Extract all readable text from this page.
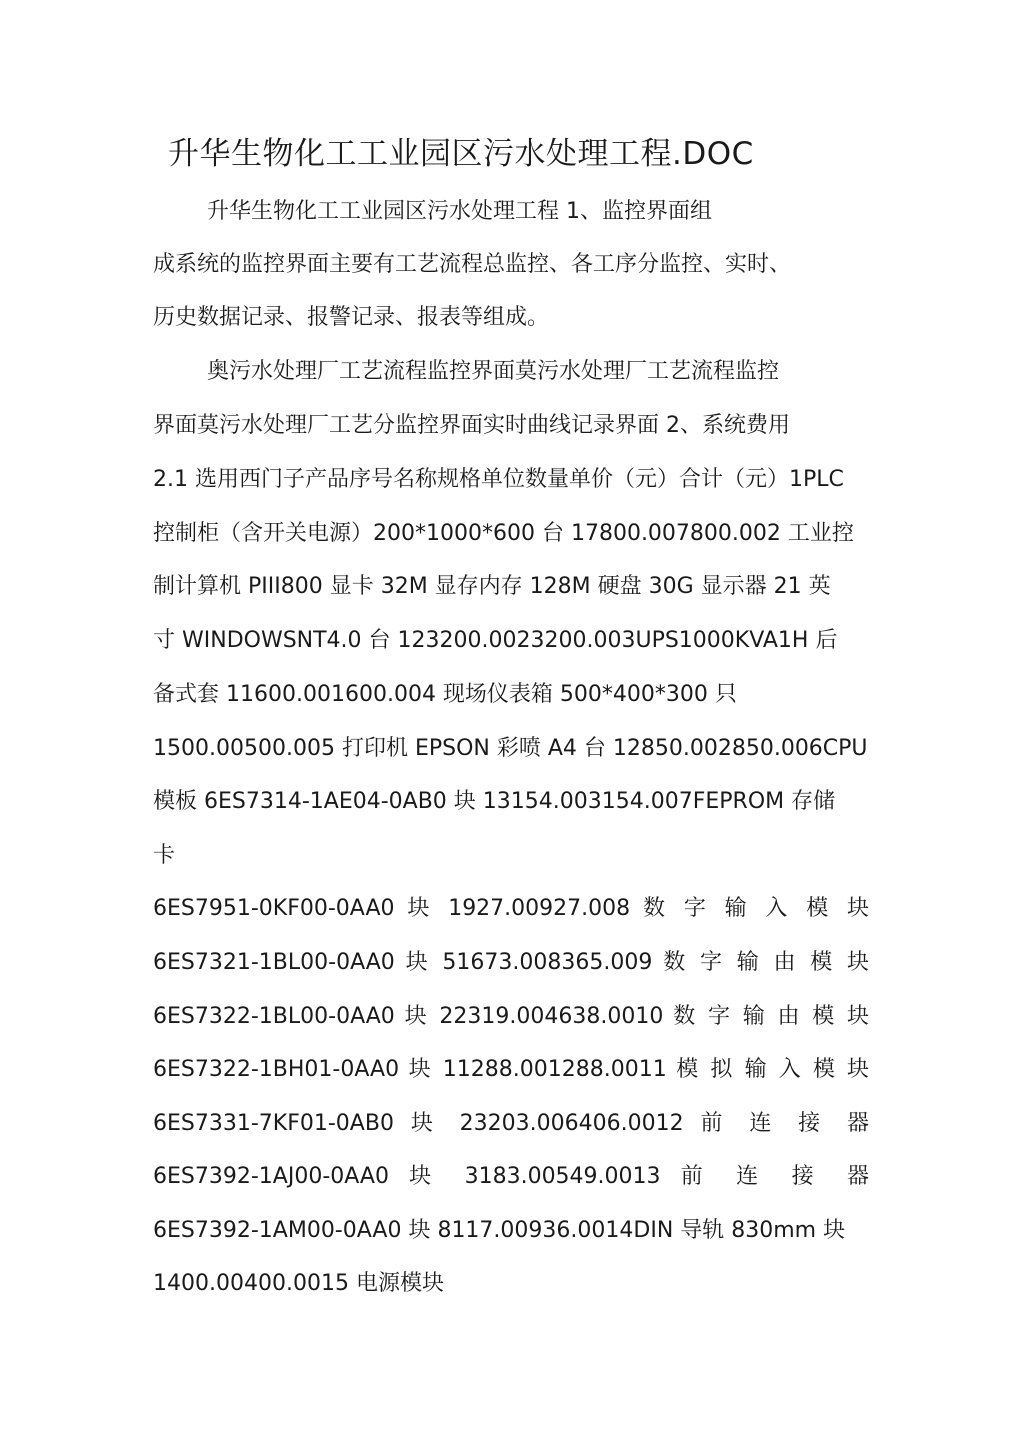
升华生物化工工业园区污水处理工程.DOC
升华生物化工工业园区污水处理工程 1、监控界面组
成系统的监控界面主要有工艺流程总监控、各工序分监控、实时、
历史数据记录、报警记录、报表等组成。
奥污水处理厂工艺流程监控界面莫污水处理厂工艺流程监控
界面莫污水处理厂工艺分监控界面实时曲线记录界面 2、系统费用
2.1 选用西门子产品序号名称规格单位数量单价（元）合计（元）1PLC
控制柜（含开关电源）200*1000*600 台 17800.007800.002 工业控
制计算机 PIII800 显卡 32M 显存内存 128M 硬盘 30G 显示器 21 英
寸 WINDOWSNT4.0 台 123200.0023200.003UPS1000KVA1H 后
备式套 11600.001600.004 现场仪表箱 500*400*300 只
1500.00500.005 打印机 EPSON 彩喷 A4 台 12850.002850.006CPU
模板 6ES7314-1AE04-0AB0 块 13154.003154.007FEPROM 存储
卡
6ES7951-0KF00-0AA0 块 1927.00927.008 数 字 输 入 模 块
6ES7321-1BL00-0AA0 块 51673.008365.009 数 字 输 由 模 块
6ES7322-1BL00-0AA0 块 22319.004638.0010 数 字 输 由 模 块
6ES7322-1BH01-0AA0 块 11288.001288.0011 模 拟 输 入 模 块
6ES7331-7KF01-0AB0 块 23203.006406.0012 前 连 接 器
6ES7392-1AJ00-0AA0 块 3183.00549.0013 前 连 接 器
6ES7392-1AM00-0AA0 块 8117.00936.0014DIN 导轨 830mm 块
1400.00400.0015 电源模块
